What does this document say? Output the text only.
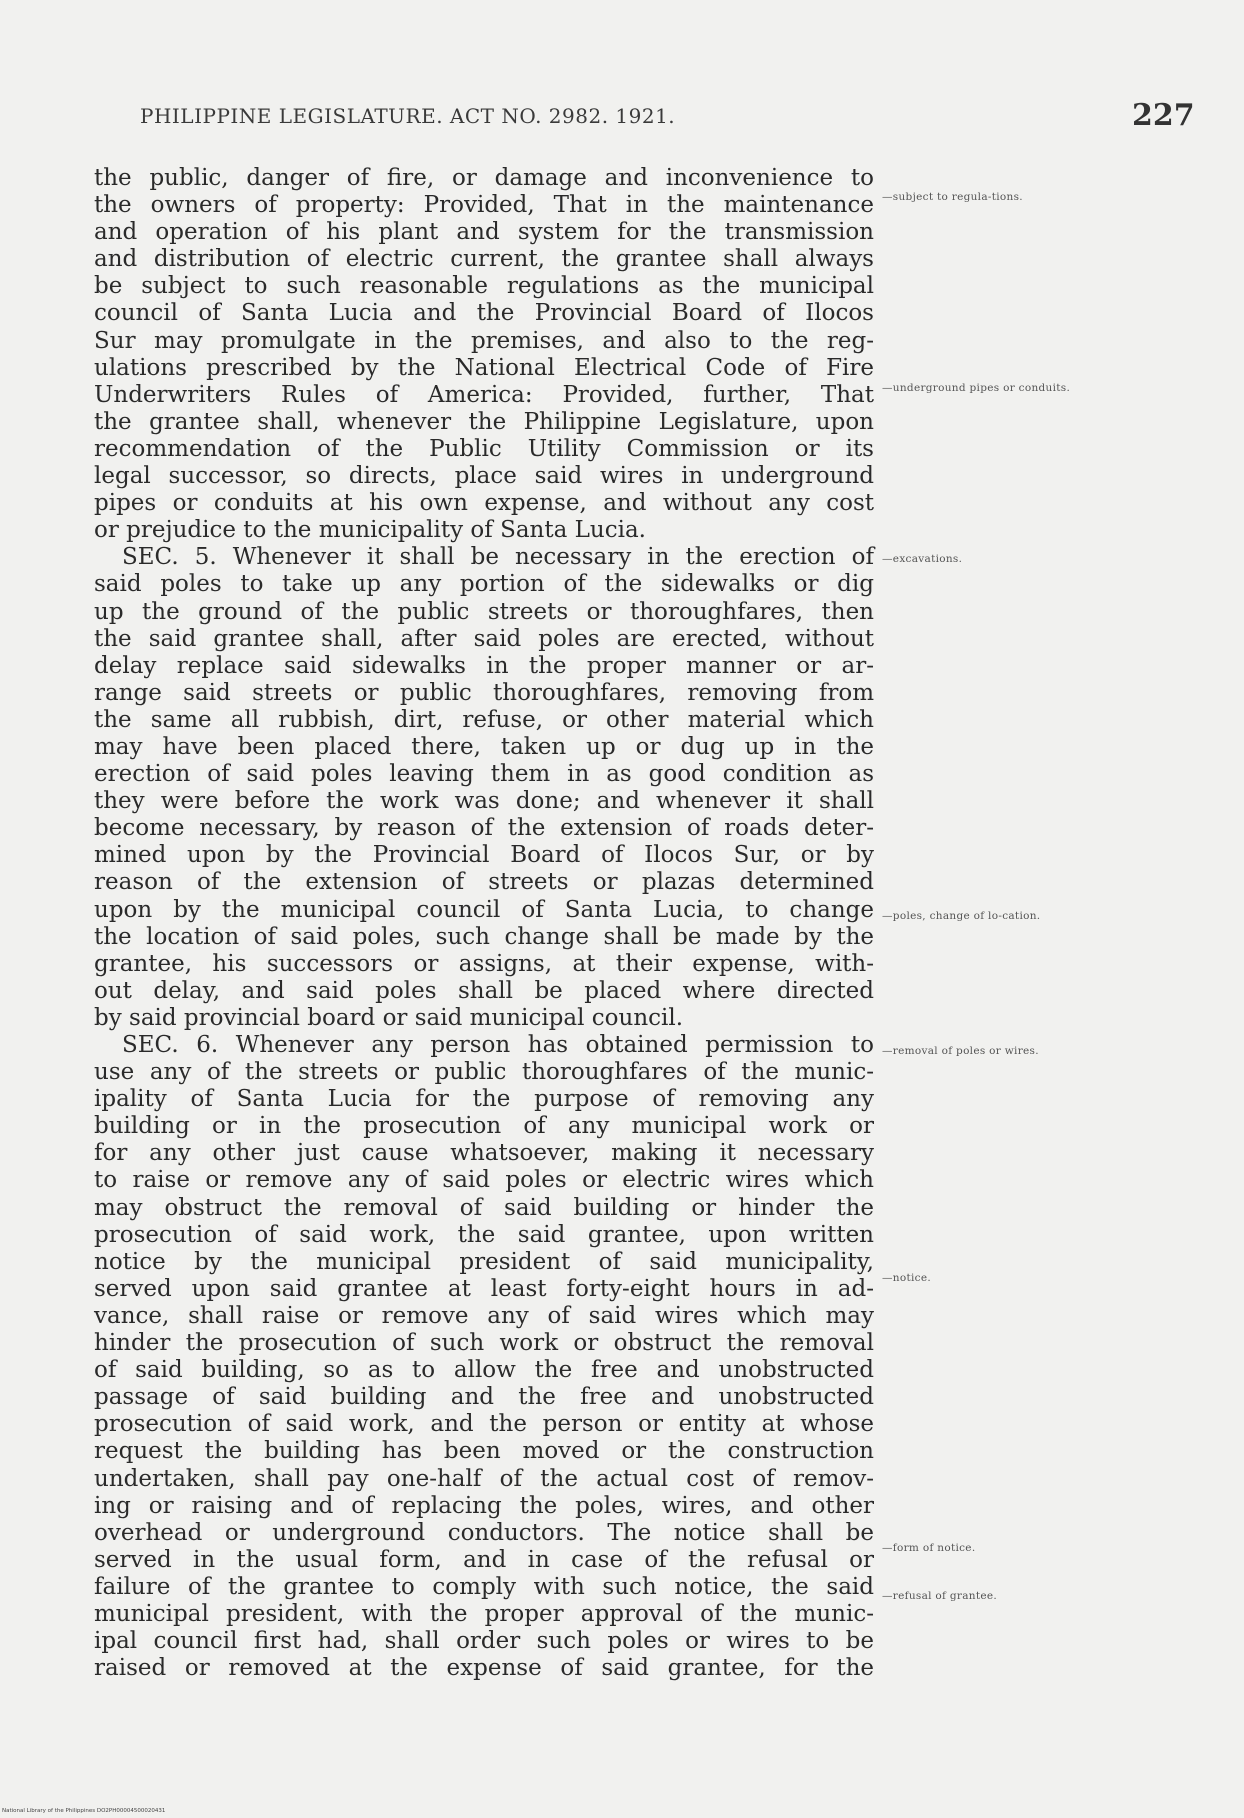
PHILIPPINE LEGISLATURE. ACT NO. 2982. 1921.	227
the public, danger of fire, or damage and inconvenience to
the owners of property: Provided, That in the maintenance
and operation of his plant and system for the transmission
and distribution of electric current, the grantee shall always
be subject to such reasonable regulations as the municipal
council of Santa Lucia and the Provincial Board of Ilocos
Sur may promulgate in the premises, and also to the reg-
ulations prescribed by the National Electrical Code of Fire
Underwriters Rules of America: Provided, further, That
the grantee shall, whenever the Philippine Legislature, upon
recommendation of the Public Utility Commission or its
legal successor, so directs, place said wires in underground
pipes or conduits at his own expense, and without any cost
or prejudice to the municipality of Santa Lucia.
SEC. 5. Whenever it shall be necessary in the erection of
said poles to take up any portion of the sidewalks or dig
up the ground of the public streets or thoroughfares, then
the said grantee shall, after said poles are erected, without
delay replace said sidewalks in the proper manner or ar-
range said streets or public thoroughfares, removing from
the same all rubbish, dirt, refuse, or other material which
may have been placed there, taken up or dug up in the
erection of said poles leaving them in as good condition as
they were before the work was done; and whenever it shall
become necessary, by reason of the extension of roads deter-
mined upon by the Provincial Board of Ilocos Sur, or by
reason of the extension of streets or plazas determined
upon by the municipal council of Santa Lucia, to change
the location of said poles, such change shall be made by the
grantee, his successors or assigns, at their expense, with-
out delay, and said poles shall be placed where directed
by said provincial board or said municipal council.
SEC. 6. Whenever any person has obtained permission to
use any of the streets or public thoroughfares of the munic-
ipality of Santa Lucia for the purpose of removing any
building or in the prosecution of any municipal work or
for any other just cause whatsoever, making it necessary
to raise or remove any of said poles or electric wires which
may obstruct the removal of said building or hinder the
prosecution of said work, the said grantee, upon written
notice by the municipal president of said municipality,
served upon said grantee at least forty-eight hours in ad-
vance, shall raise or remove any of said wires which may
hinder the prosecution of such work or obstruct the removal
of said building, so as to allow the free and unobstructed
passage of said building and the free and unobstructed
prosecution of said work, and the person or entity at whose
request the building has been moved or the construction
undertaken, shall pay one-half of the actual cost of remov-
ing or raising and of replacing the poles, wires, and other
overhead or underground conductors. The notice shall be
served in the usual form, and in case of the refusal or
failure of the grantee to comply with such notice, the said
municipal president, with the proper approval of the munic-
ipal council first had, shall order such poles or wires to be
raised or removed at the expense of said grantee, for the
—subject to regula-tions.
—underground pipes or conduits.
—excavations.
—poles, change of lo-cation.
—removal of poles or wires.
—notice.
—form of notice.
—refusal of grantee.
National Library of the Philippines DO2PH00004500020431
